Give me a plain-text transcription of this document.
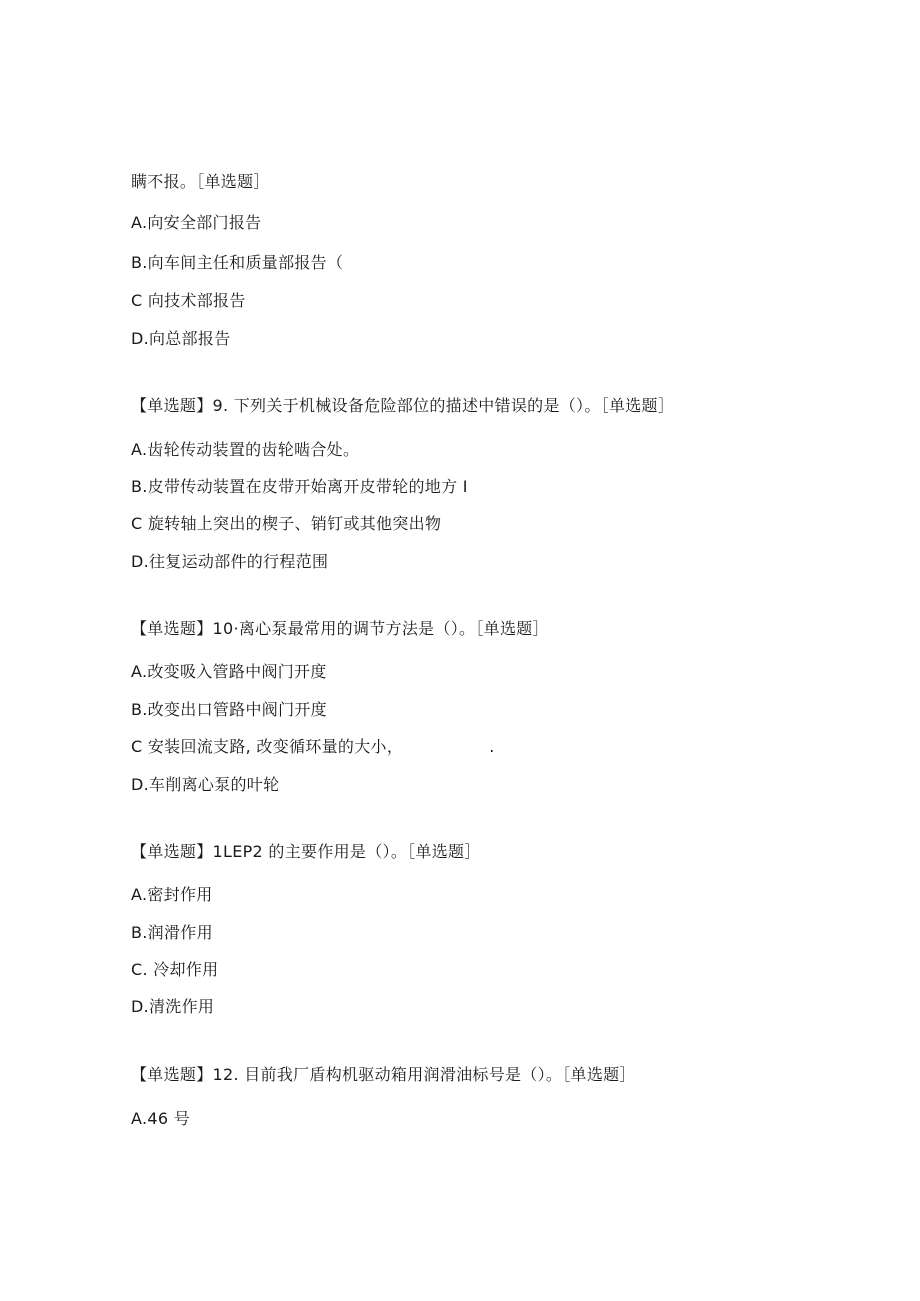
瞒不报。［单选题］
A.向安全部门报告
B.向车间主任和质量部报告（
C 向技术部报告
D.向总部报告
【单选题】9. 下列关于机械设备危险部位的描述中错误的是（）。［单选题］
A.齿轮传动装置的齿轮啮合处。
B.皮带传动装置在皮带开始离开皮带轮的地方 I
C 旋转轴上突出的楔子、销钉或其他突出物
D.往复运动部件的行程范围
【单选题】10·离心泵最常用的调节方法是（）。［单选题］
A.改变吸入管路中阀门开度
B.改变出口管路中阀门开度
C 安装回流支路, 改变循环量的大小，                .
D.车削离心泵的叶轮
【单选题】1LEP2 的主要作用是（）。［单选题］
A.密封作用
B.润滑作用
C. 冷却作用
D.清洗作用
【单选题】12. 目前我厂盾构机驱动箱用润滑油标号是（）。［单选题］
A.46 号
